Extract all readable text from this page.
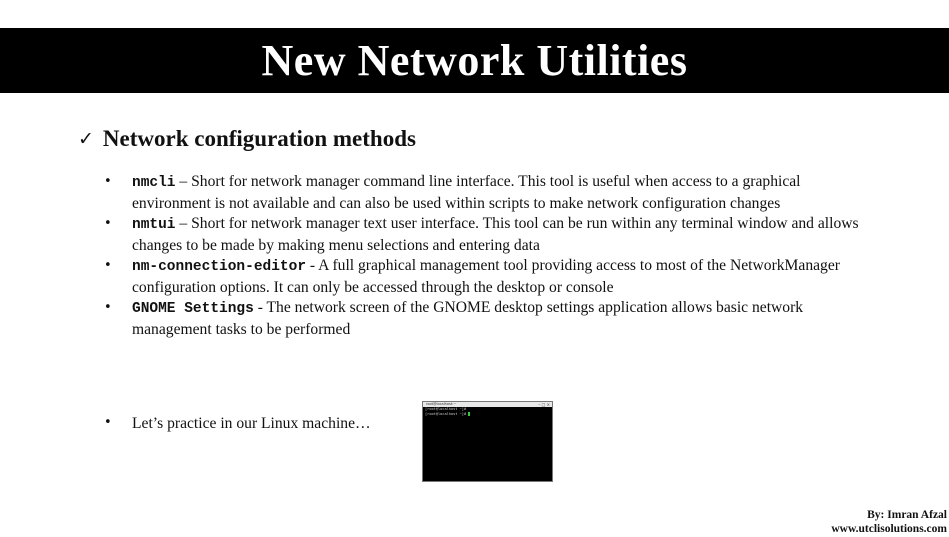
New Network Utilities
✓ Network configuration methods
• nmcli – Short for network manager command line interface. This tool is useful when access to a graphical environment is not available and can also be used within scripts to make network configuration changes
• nmtui – Short for network manager text user interface. This tool can be run within any terminal window and allows changes to be made by making menu selections and entering data
• nm-connection-editor - A full graphical management tool providing access to most of the NetworkManager configuration options. It can only be accessed through the desktop or console
• GNOME Settings - The network screen of the GNOME desktop settings application allows basic network management tasks to be performed
• Let’s practice in our Linux machine…
root@localhost:~	– □ ×
[root@localhost ~]#
[root@localhost ~]#
By: Imran Afzal
www.utclisolutions.com
